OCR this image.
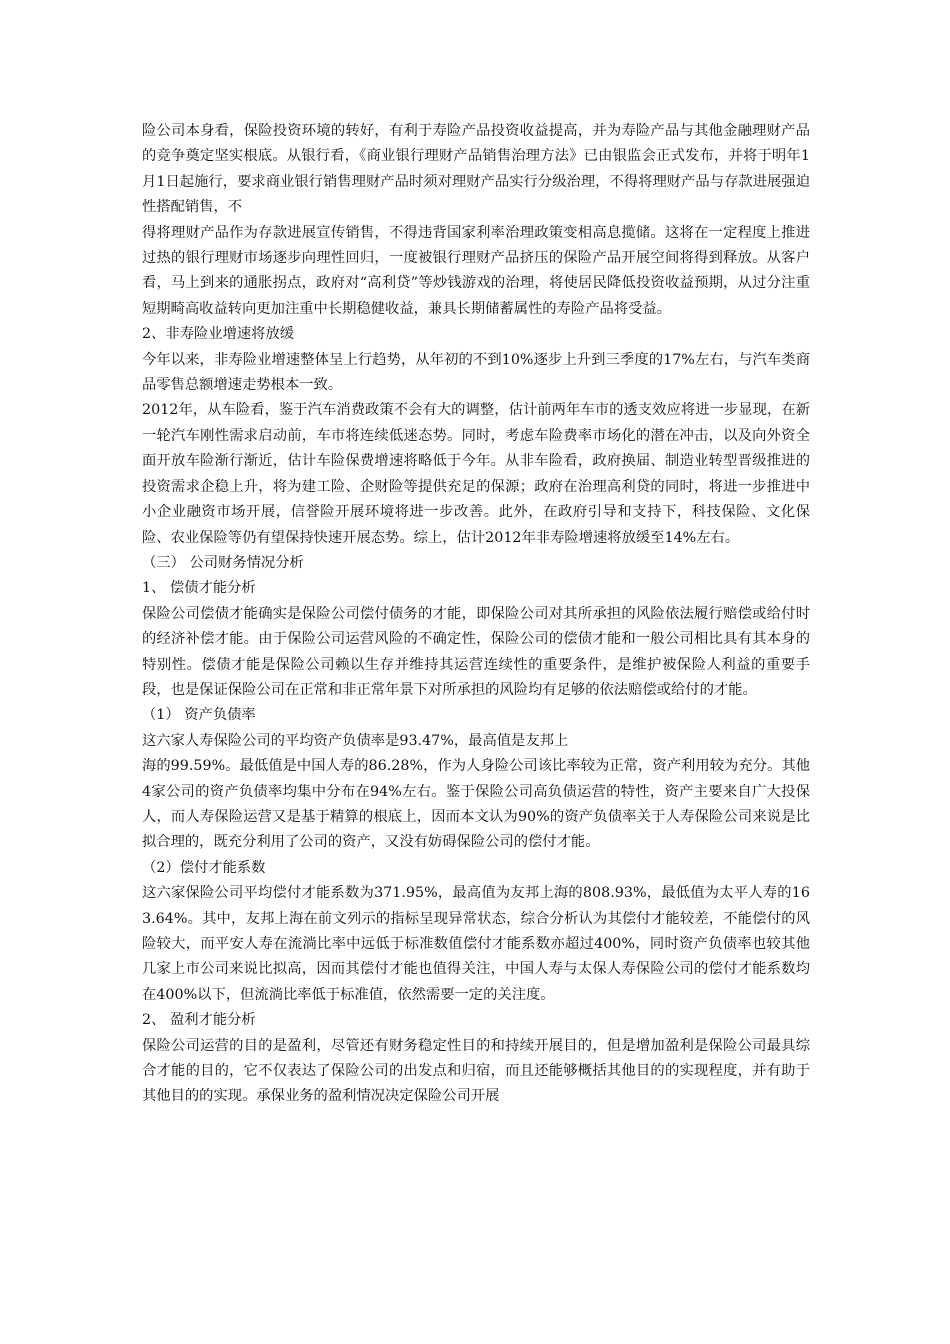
险公司本身看，保险投资环境的转好，有利于寿险产品投资收益提高，并为寿险产品与其他金融理财产品的竞争奠定坚实根底。从银行看，《商业银行理财产品销售治理方法》已由银监会正式发布，并将于明年1月1日起施行，要求商业银行销售理财产品时须对理财产品实行分级治理，不得将理财产品与存款进展强迫性搭配销售，不

得将理财产品作为存款进展宣传销售，不得违背国家利率治理政策变相高息揽储。这将在一定程度上推进过热的银行理财市场逐步向理性回归，一度被银行理财产品挤压的保险产品开展空间将得到释放。从客户看，马上到来的通胀拐点，政府对“高利贷”等炒钱游戏的治理，将使居民降低投资收益预期，从过分注重短期畸高收益转向更加注重中长期稳健收益，兼具长期储蓄属性的寿险产品将受益。

2、非寿险业增速将放缓

今年以来，非寿险业增速整体呈上行趋势，从年初的不到10%逐步上升到三季度的17%左右，与汽车类商品零售总额增速走势根本一致。

2012年，从车险看，鉴于汽车消费政策不会有大的调整，估计前两年车市的透支效应将进一步显现，在新一轮汽车刚性需求启动前，车市将连续低迷态势。同时，考虑车险费率市场化的潜在冲击，以及向外资全面开放车险渐行渐近，估计车险保费增速将略低于今年。从非车险看，政府换届、制造业转型晋级推进的投资需求企稳上升，将为建工险、企财险等提供充足的保源；政府在治理高利贷的同时，将进一步推进中小企业融资市场开展，信誉险开展环境将进一步改善。此外，在政府引导和支持下，科技保险、文化保险、农业保险等仍有望保持快速开展态势。综上，估计2012年非寿险增速将放缓至14%左右。

（三） 公司财务情况分析

1、 偿债才能分析

保险公司偿债才能确实是保险公司偿付债务的才能，即保险公司对其所承担的风险依法履行赔偿或给付时的经济补偿才能。由于保险公司运营风险的不确定性，保险公司的偿债才能和一般公司相比具有其本身的特别性。偿债才能是保险公司赖以生存并维持其运营连续性的重要条件，是维护被保险人利益的重要手段，也是保证保险公司在正常和非正常年景下对所承担的风险均有足够的依法赔偿或给付的才能。

（1） 资产负债率

这六家人寿保险公司的平均资产负债率是93.47%，最高值是友邦上

海的99.59%。最低值是中国人寿的86.28%，作为人身险公司该比率较为正常，资产利用较为充分。其他4家公司的资产负债率均集中分布在94%左右。鉴于保险公司高负债运营的特性，资产主要来自广大投保人，而人寿保险运营又是基于精算的根底上，因而本文认为90%的资产负债率关于人寿保险公司来说是比拟合理的，既充分利用了公司的资产，又没有妨碍保险公司的偿付才能。

（2）偿付才能系数

这六家保险公司平均偿付才能系数为371.95%，最高值为友邦上海的808.93%，最低值为太平人寿的163.64%。其中，友邦上海在前文列示的指标呈现异常状态，综合分析认为其偿付才能较差，不能偿付的风险较大，而平安人寿在流淌比率中远低于标准数值偿付才能系数亦超过400%，同时资产负债率也较其他几家上市公司来说比拟高，因而其偿付才能也值得关注，中国人寿与太保人寿保险公司的偿付才能系数均在400%以下，但流淌比率低于标准值，依然需要一定的关注度。

2、 盈利才能分析

保险公司运营的目的是盈利，尽管还有财务稳定性目的和持续开展目的，但是增加盈利是保险公司最具综合才能的目的，它不仅表达了保险公司的出发点和归宿，而且还能够概括其他目的的实现程度，并有助于其他目的的实现。承保业务的盈利情况决定保险公司开展
